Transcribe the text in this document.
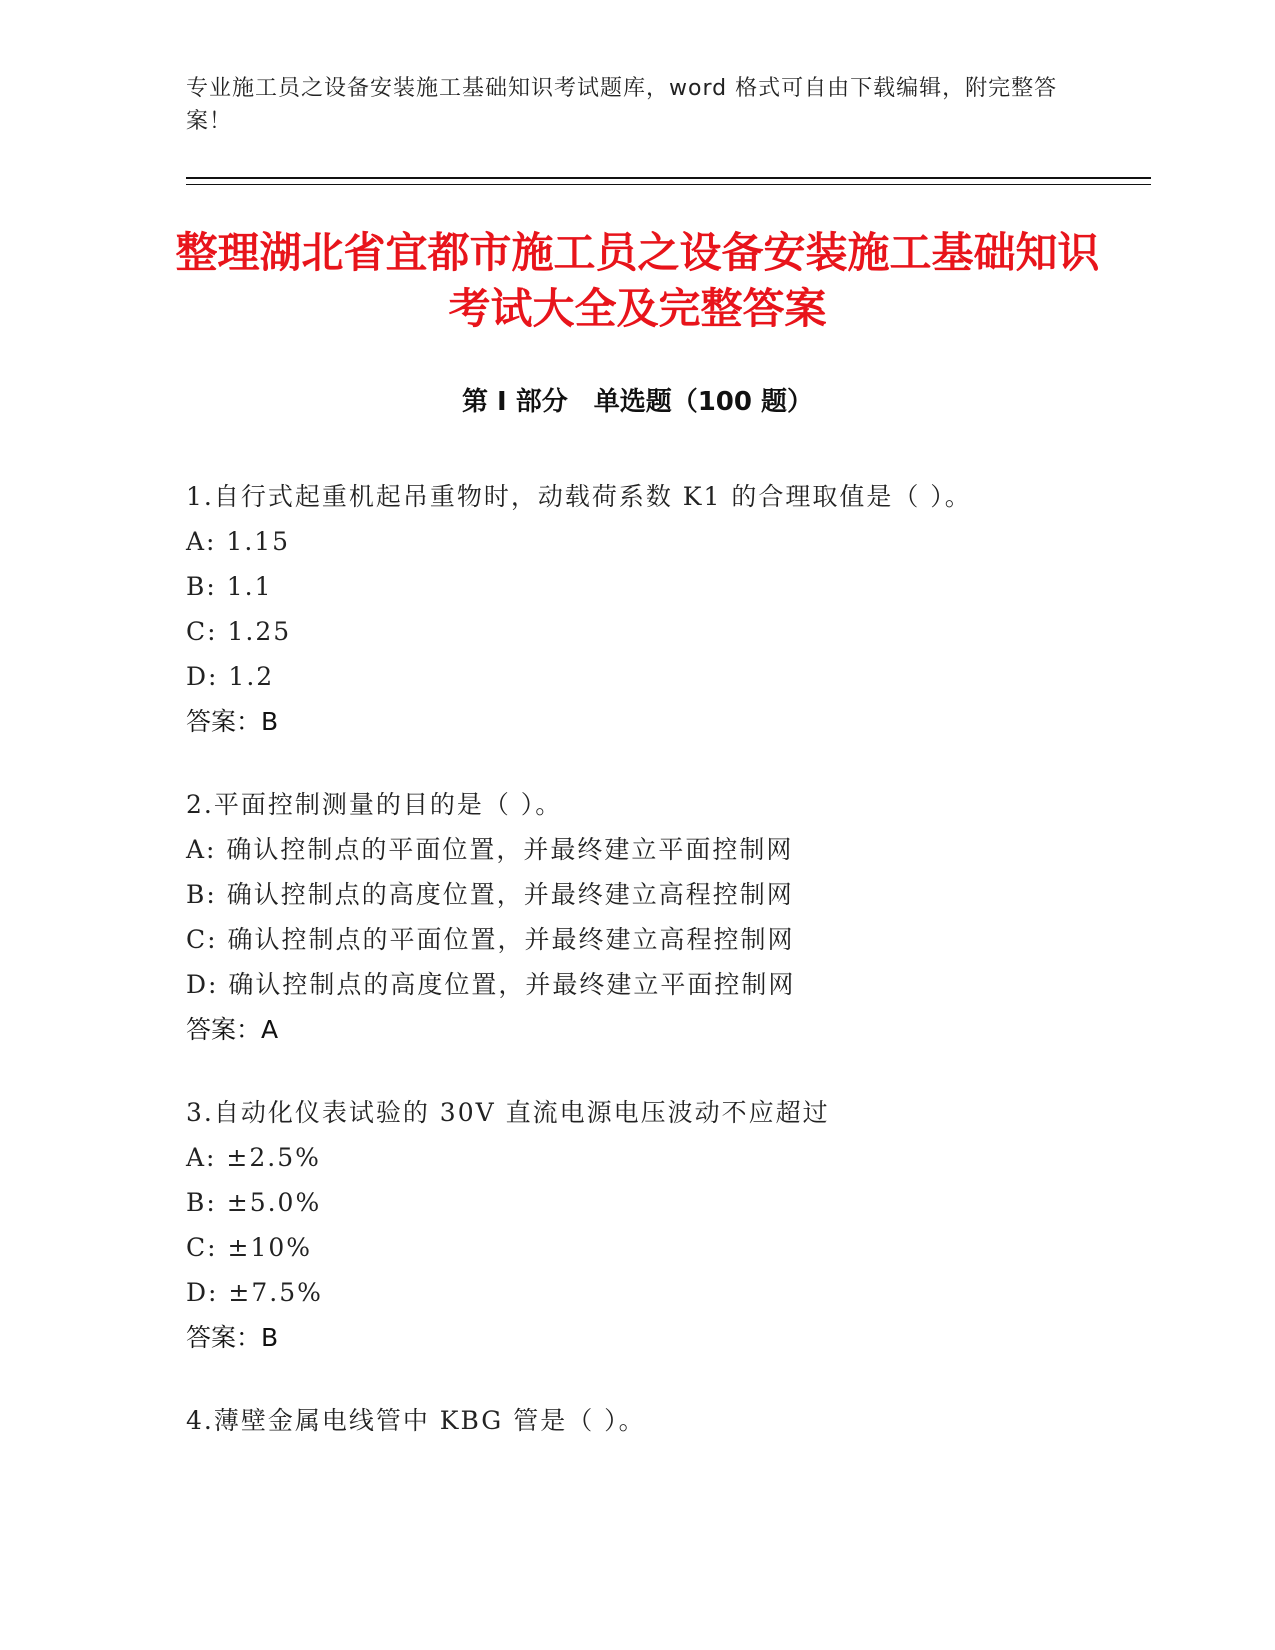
专业施工员之设备安装施工基础知识考试题库，word 格式可自由下载编辑，附完整答案！
整理湖北省宜都市施工员之设备安装施工基础知识考试大全及完整答案
第 I 部分　单选题（100 题）
1.自行式起重机起吊重物时，动载荷系数 K1 的合理取值是（ ）。
A: 1.15
B: 1.1
C: 1.25
D: 1.2
答案：B
2.平面控制测量的目的是（ ）。
A: 确认控制点的平面位置，并最终建立平面控制网
B: 确认控制点的高度位置，并最终建立高程控制网
C: 确认控制点的平面位置，并最终建立高程控制网
D: 确认控制点的高度位置，并最终建立平面控制网
答案：A
3.自动化仪表试验的 30V 直流电源电压波动不应超过
A: ±2.5%
B: ±5.0%
C: ±10%
D: ±7.5%
答案：B
4.薄壁金属电线管中 KBG 管是（ ）。
